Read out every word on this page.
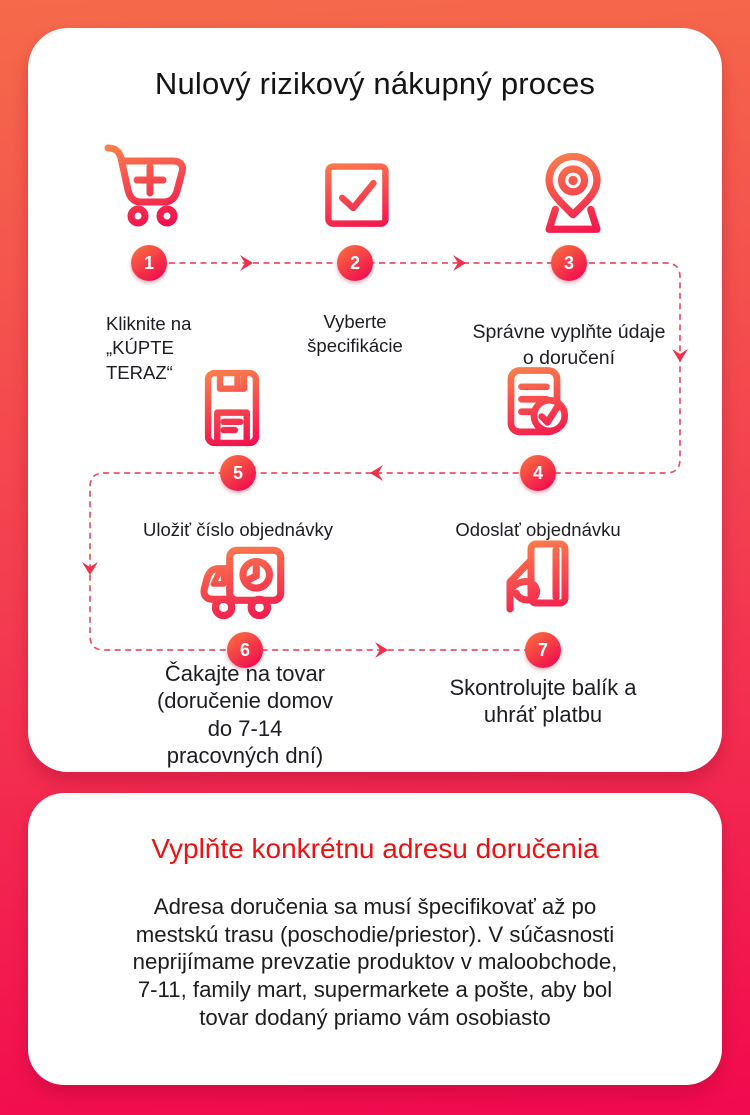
Nulový rizikový nákupný proces
1	2	3
4
5
6	7
Kliknite na
„KÚPTE
TERAZ“
Vyberte
špecifikácie
Správne vyplňte údaje
o doručení
Odoslať objednávku
Uložiť číslo objednávky
Čakajte na tovar
(doručenie domov
do 7-14
pracovných dní)
Skontrolujte balík a
uhráť platbu
Vyplňte konkrétnu adresu doručenia
Adresa doručenia sa musí špecifikovať až po
mestskú trasu (poschodie/priestor). V súčasnosti
neprijímame prevzatie produktov v maloobchode,
7-11, family mart, supermarkete a pošte, aby bol
tovar dodaný priamo vám osobiasto
